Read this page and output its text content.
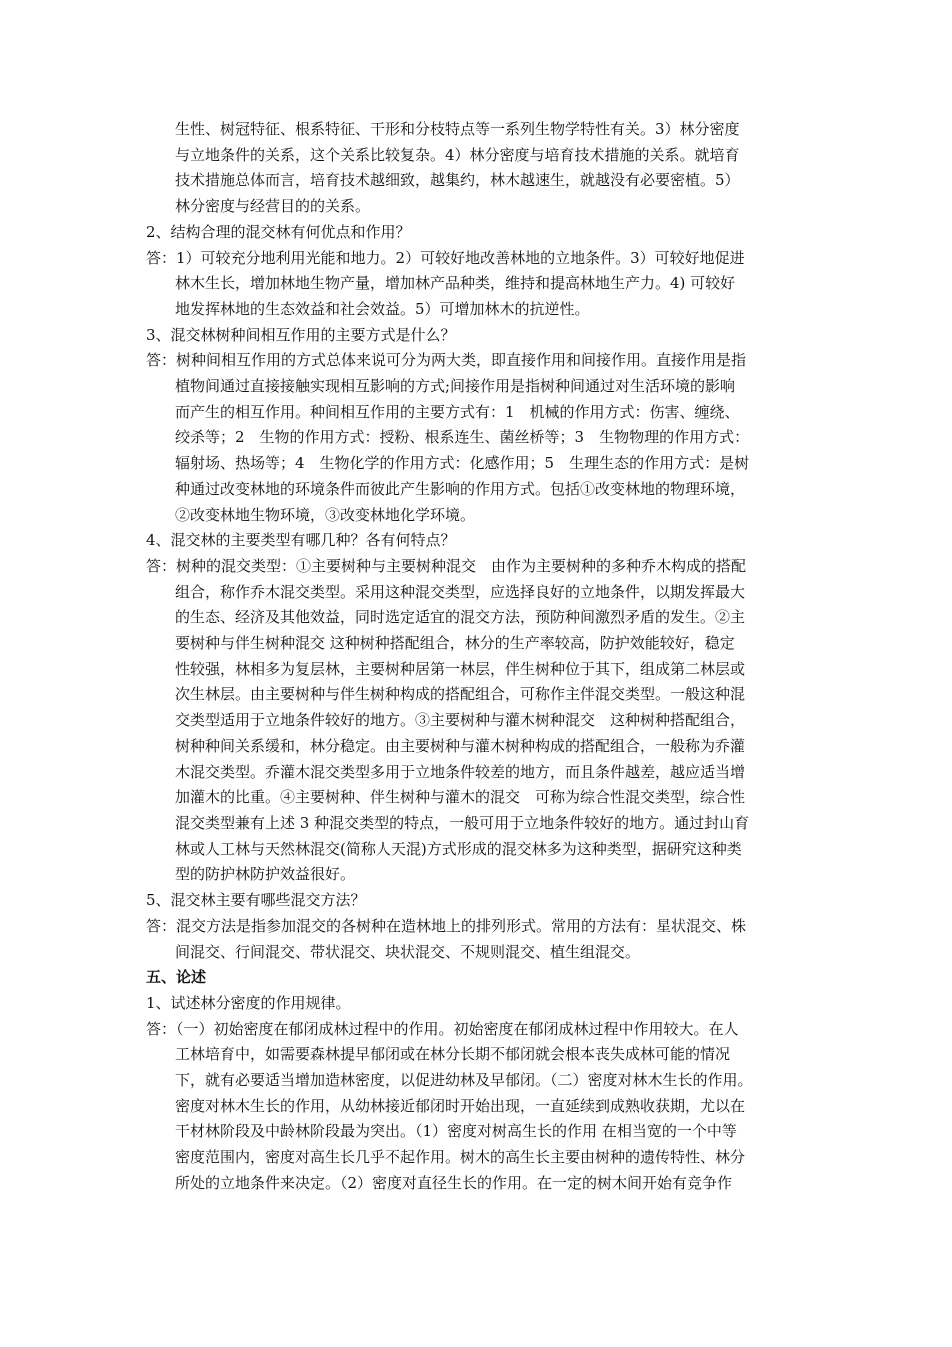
生性、树冠特征、根系特征、干形和分枝特点等一系列生物学特性有关。3）林分密度
与立地条件的关系，这个关系比较复杂。4）林分密度与培育技术措施的关系。就培育
技术措施总体而言，培育技术越细致，越集约，林木越速生，就越没有必要密植。5）
林分密度与经营目的的关系。
2、结构合理的混交林有何优点和作用？
答：1）可较充分地利用光能和地力。2）可较好地改善林地的立地条件。3）可较好地促进
林木生长，增加林地生物产量，增加林产品种类，维持和提高林地生产力。4) 可较好
地发挥林地的生态效益和社会效益。5）可增加林木的抗逆性。
3、混交林树种间相互作用的主要方式是什么？
答：树种间相互作用的方式总体来说可分为两大类，即直接作用和间接作用。直接作用是指
植物间通过直接接触实现相互影响的方式;间接作用是指树种间通过对生活环境的影响
而产生的相互作用。种间相互作用的主要方式有：1　机械的作用方式：伤害、缠绕、
绞杀等；2　生物的作用方式：授粉、根系连生、菌丝桥等；3　生物物理的作用方式：
辐射场、热场等；4　生物化学的作用方式：化感作用；5　生理生态的作用方式：是树
种通过改变林地的环境条件而彼此产生影响的作用方式。包括①改变林地的物理环境，
②改变林地生物环境，③改变林地化学环境。
4、混交林的主要类型有哪几种？各有何特点？
答：树种的混交类型：①主要树种与主要树种混交　由作为主要树种的多种乔木构成的搭配
组合，称作乔木混交类型。采用这种混交类型，应选择良好的立地条件，以期发挥最大
的生态、经济及其他效益，同时选定适宜的混交方法，预防种间激烈矛盾的发生。②主
要树种与伴生树种混交 这种树种搭配组合，林分的生产率较高，防护效能较好，稳定
性较强，林相多为复层林，主要树种居第一林层，伴生树种位于其下，组成第二林层或
次生林层。由主要树种与伴生树种构成的搭配组合，可称作主伴混交类型。一般这种混
交类型适用于立地条件较好的地方。③主要树种与灌木树种混交　这种树种搭配组合，
树种种间关系缓和，林分稳定。由主要树种与灌木树种构成的搭配组合，一般称为乔灌
木混交类型。乔灌木混交类型多用于立地条件较差的地方，而且条件越差，越应适当增
加灌木的比重。④主要树种、伴生树种与灌木的混交　可称为综合性混交类型，综合性
混交类型兼有上述 3 种混交类型的特点，一般可用于立地条件较好的地方。通过封山育
林或人工林与天然林混交(简称人天混)方式形成的混交林多为这种类型，据研究这种类
型的防护林防护效益很好。
5、混交林主要有哪些混交方法？
答：混交方法是指参加混交的各树种在造林地上的排列形式。常用的方法有：星状混交、株
间混交、行间混交、带状混交、块状混交、不规则混交、植生组混交。
五、论述
1、试述林分密度的作用规律。
答：（一）初始密度在郁闭成林过程中的作用。初始密度在郁闭成林过程中作用较大。在人
工林培育中，如需要森林提早郁闭或在林分长期不郁闭就会根本丧失成林可能的情况
下，就有必要适当增加造林密度，以促进幼林及早郁闭。（二）密度对林木生长的作用。
密度对林木生长的作用，从幼林接近郁闭时开始出现，一直延续到成熟收获期，尤以在
干材林阶段及中龄林阶段最为突出。（1）密度对树高生长的作用 在相当宽的一个中等
密度范围内，密度对高生长几乎不起作用。树木的高生长主要由树种的遗传特性、林分
所处的立地条件来决定。（2）密度对直径生长的作用。在一定的树木间开始有竞争作
